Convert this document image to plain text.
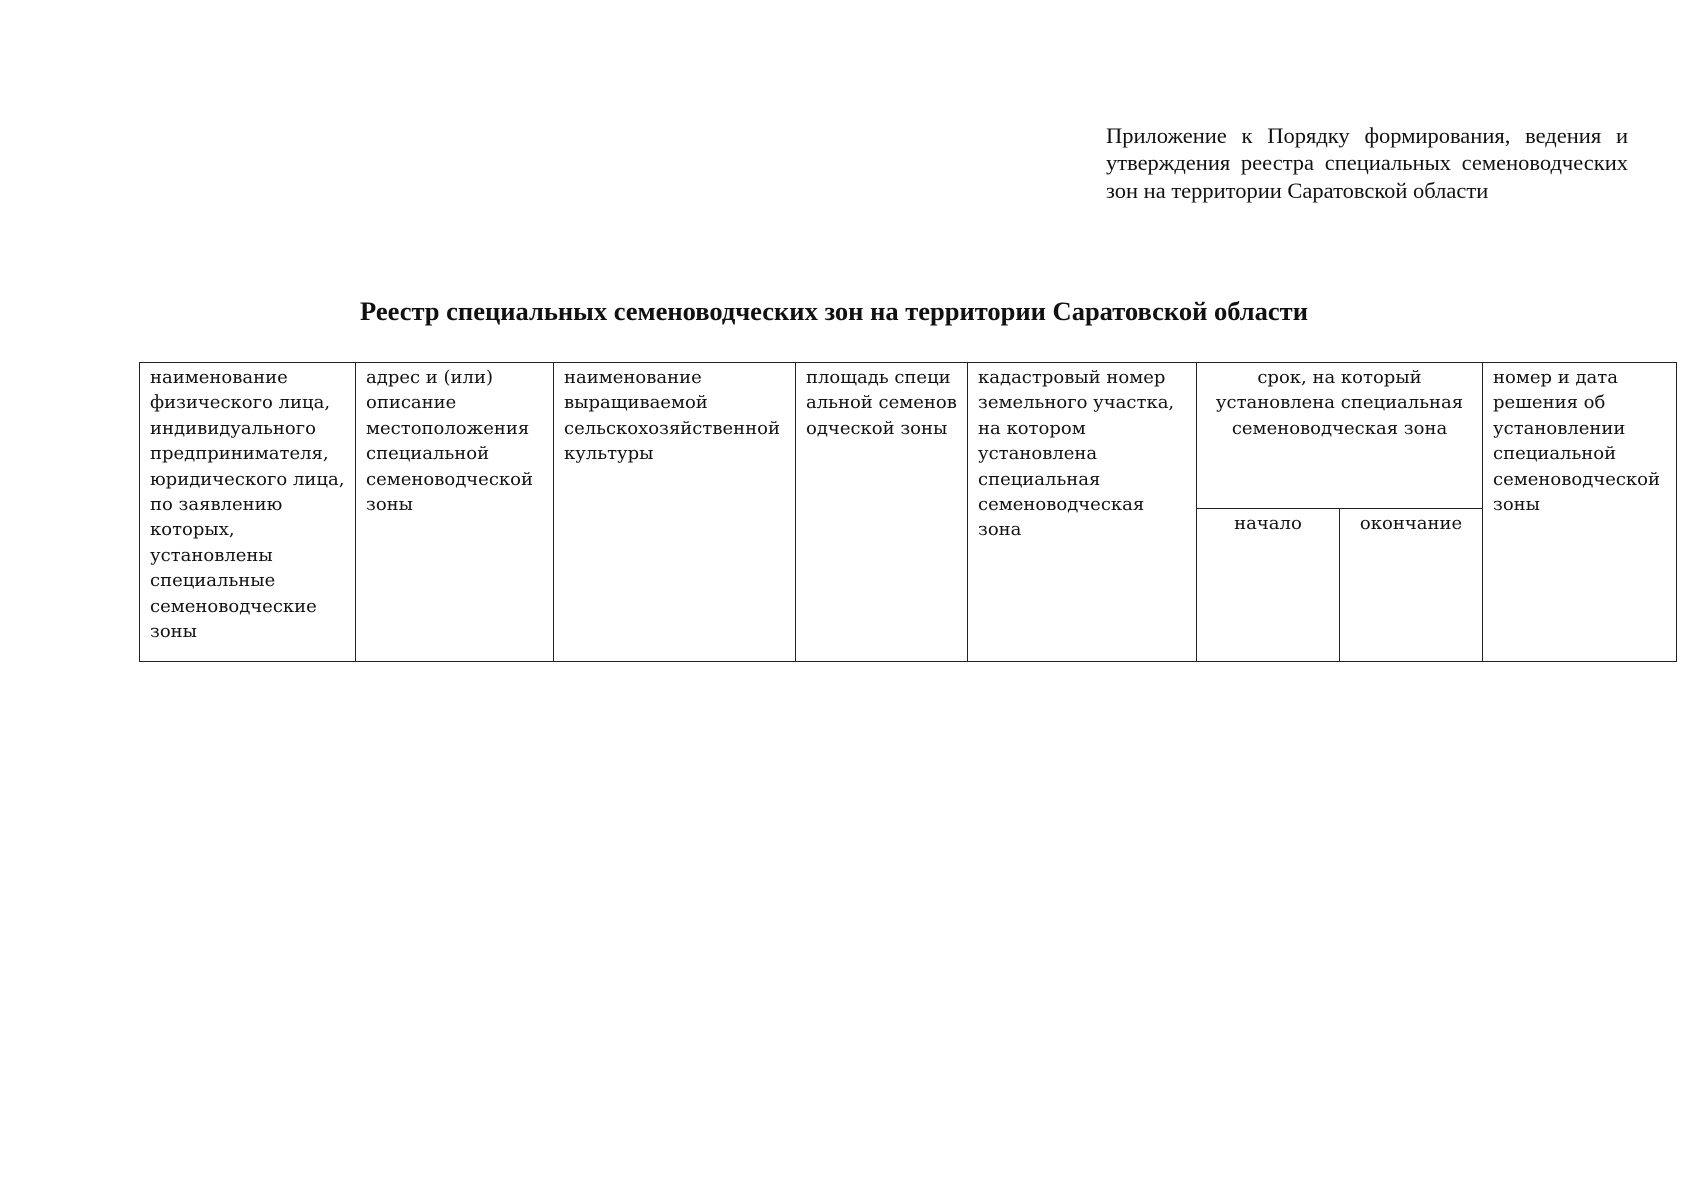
Приложение к Порядку формирования, ведения и утверждения реестра специальных семеноводческих зон на территории Саратовской области
Реестр специальных семеноводческих зон на территории Саратовской области
наименование физического лица, индивидуального предпринимателя, юридического лица, по заявлению которых, установлены специальные семеноводческие зоны	адрес и (или) описание местоположения специальной семеноводческой зоны	наименование выращиваемой сельскохозяйственной культуры	площадь специальной семеноводческой зоны	кадастровый номер земельного участка, на котором установлена специальная семеноводческая зона	срок, на который установлена специальная семеноводческая зона		номер и дата решения об установлении специальной семеноводческой зоны
					начало	окончание	
